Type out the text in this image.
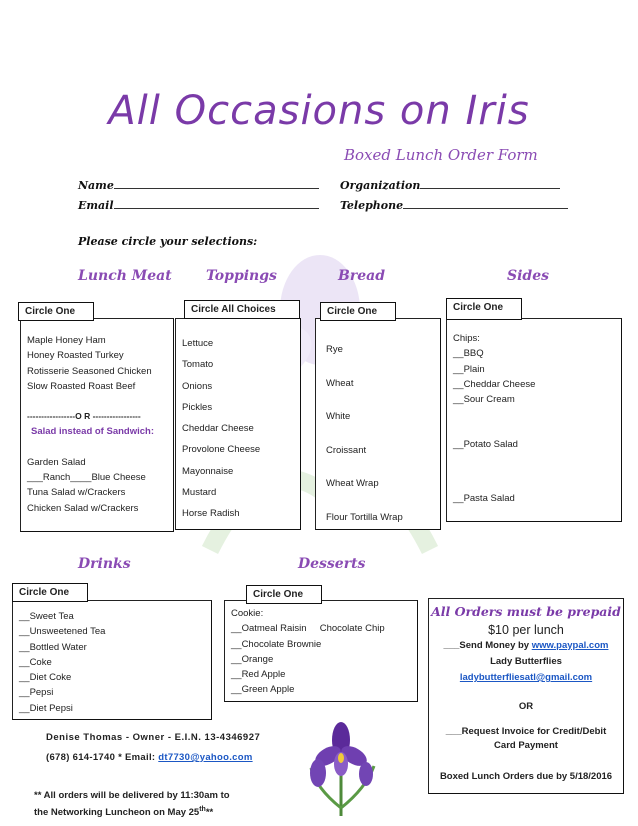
All Occasions on Iris
Boxed Lunch Order Form
Name	Organization
Email	Telephone
Please circle your selections:
Lunch Meat Toppings	Bread	Sides
Maple Honey Ham
Honey Roasted Turkey
Rotisserie Seasoned Chicken
Slow Roasted Roast Beef
-----------------O R -----------------
Salad instead of Sandwich:
Garden Salad
___Ranch____Blue Cheese
Tuna Salad w/Crackers
Chicken Salad w/Crackers
Circle One
Lettuce
Tomato
Onions
Pickles
Cheddar Cheese
Provolone Cheese
Mayonnaise
Mustard
Horse Radish
Circle All Choices
Rye
Wheat
White
Croissant
Wheat Wrap
Flour Tortilla Wrap
Circle One
Chips:
__BBQ
__Plain
__Cheddar Cheese
__Sour Cream
__Potato Salad
__Pasta Salad
Circle One
Drinks	Desserts
__Sweet Tea
__Unsweetened Tea
__Bottled Water
__Coke
__Diet Coke
__Pepsi
__Diet Pepsi
Circle One
Cookie:
__Oatmeal Raisin Chocolate Chip
__Chocolate Brownie
__Orange
__Red Apple
__Green Apple
Circle One
All Orders must be prepaid
$10 per lunch
___Send Money by www.paypal.com
Lady Butterflies
ladybutterfliesatl@gmail.com
OR
___Request Invoice for Credit/Debit
Card Payment
Boxed Lunch Orders due by 5/18/2016
Denise Thomas - Owner - E.I.N. 13-4346927
(678) 614-1740 * Email: dt7730@yahoo.com
** All orders will be delivered by 11:30am to
the Networking Luncheon on May 25th**
